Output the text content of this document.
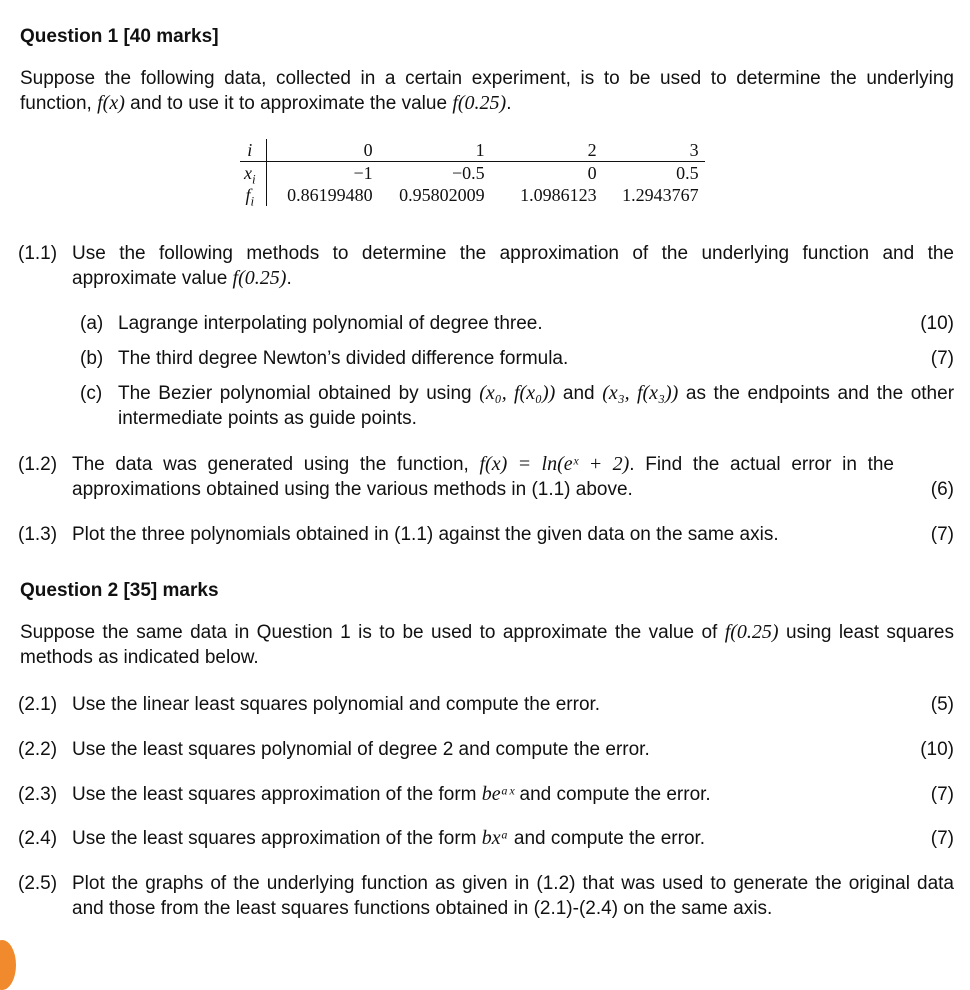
Question 1 [40 marks]
Suppose the following data, collected in a certain experiment, is to be used to determine the underlying function, f(x) and to use it to approximate the value f(0.25).
i	0	1	2	3
$x_i$	−1	−0.5	0	0.5
$f_i$	0.86199480	0.95802009	1.0986123	1.2943767
(1.1) Use the following methods to determine the approximation of the underlying function and the approximate value f(0.25).
(a) Lagrange interpolating polynomial of degree three.	(10)
(b) The third degree Newton’s divided difference formula.	(7)
(c) The Bezier polynomial obtained by using (x₀, f(x₀)) and (x₃, f(x₃)) as the endpoints and the other intermediate points as guide points.
(1.2) The data was generated using the function, f(x) = ln(eˣ + 2). Find the actual error in the approximations obtained using the various methods in (1.1) above.	(6)
(1.3) Plot the three polynomials obtained in (1.1) against the given data on the same axis.	(7)
Question 2 [35] marks
Suppose the same data in Question 1 is to be used to approximate the value of f(0.25) using least squares methods as indicated below.
(2.1) Use the linear least squares polynomial and compute the error.	(5)
(2.2) Use the least squares polynomial of degree 2 and compute the error.	(10)
(2.3) Use the least squares approximation of the form beᵃˣ and compute the error.	(7)
(2.4) Use the least squares approximation of the form bxᵃ and compute the error.	(7)
(2.5) Plot the graphs of the underlying function as given in (1.2) that was used to generate the original data and those from the least squares functions obtained in (2.1)-(2.4) on the same axis.
